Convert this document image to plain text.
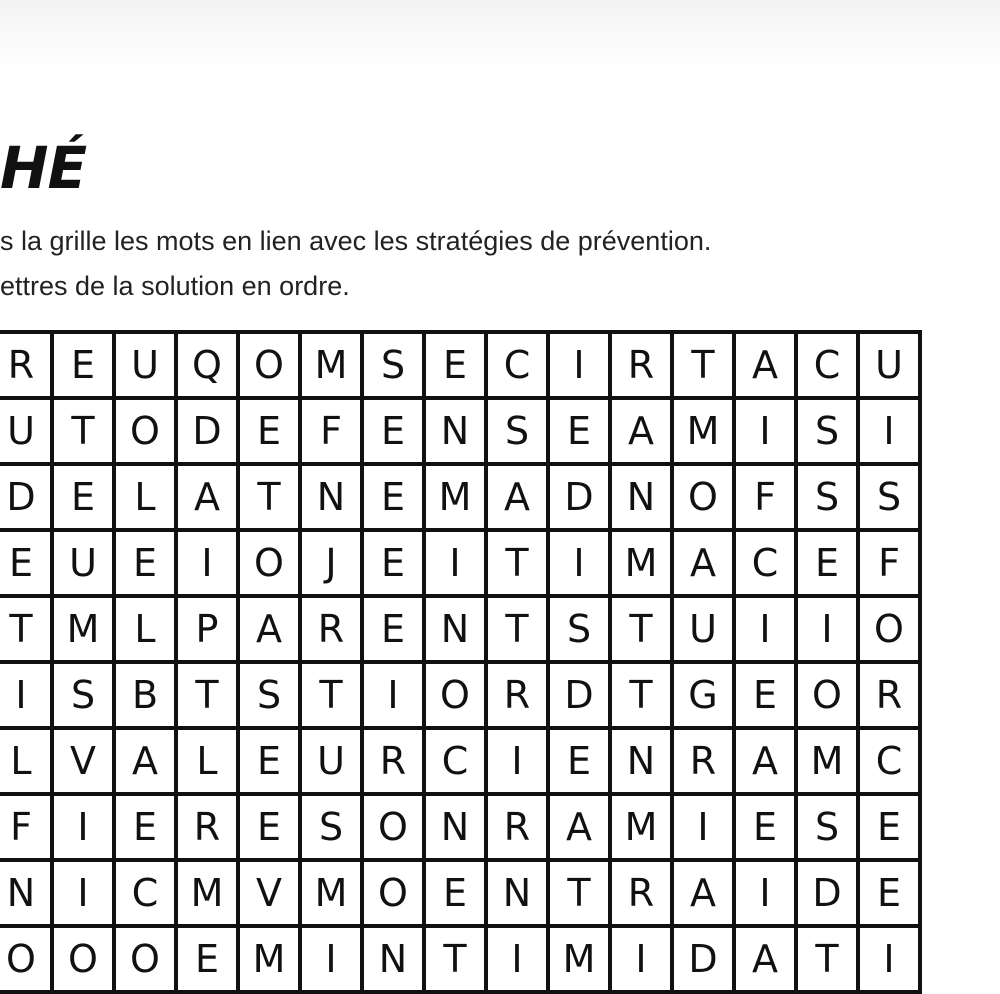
HÉ

s la grille les mots en lien avec les stratégies de prévention.
ettres de la solution en ordre.

R	E	U	Q	O	M	S	E	C	I	R	T	A	C	U
U	T	O	D	E	F	E	N	S	E	A	M	I	S	I
D	E	L	A	T	N	E	M	A	D	N	O	F	S	S
E	U	E	I	O	J	E	I	T	I	M	A	C	E	F
T	M	L	P	A	R	E	N	T	S	T	U	I	I	O
I	S	B	T	S	T	I	O	R	D	T	G	E	O	R
L	V	A	L	E	U	R	C	I	E	N	R	A	M	C
F	I	E	R	E	S	O	N	R	A	M	I	E	S	E
N	I	C	M	V	M	O	E	N	T	R	A	I	D	E
O	O	O	E	M	I	N	T	I	M	I	D	A	T	I
